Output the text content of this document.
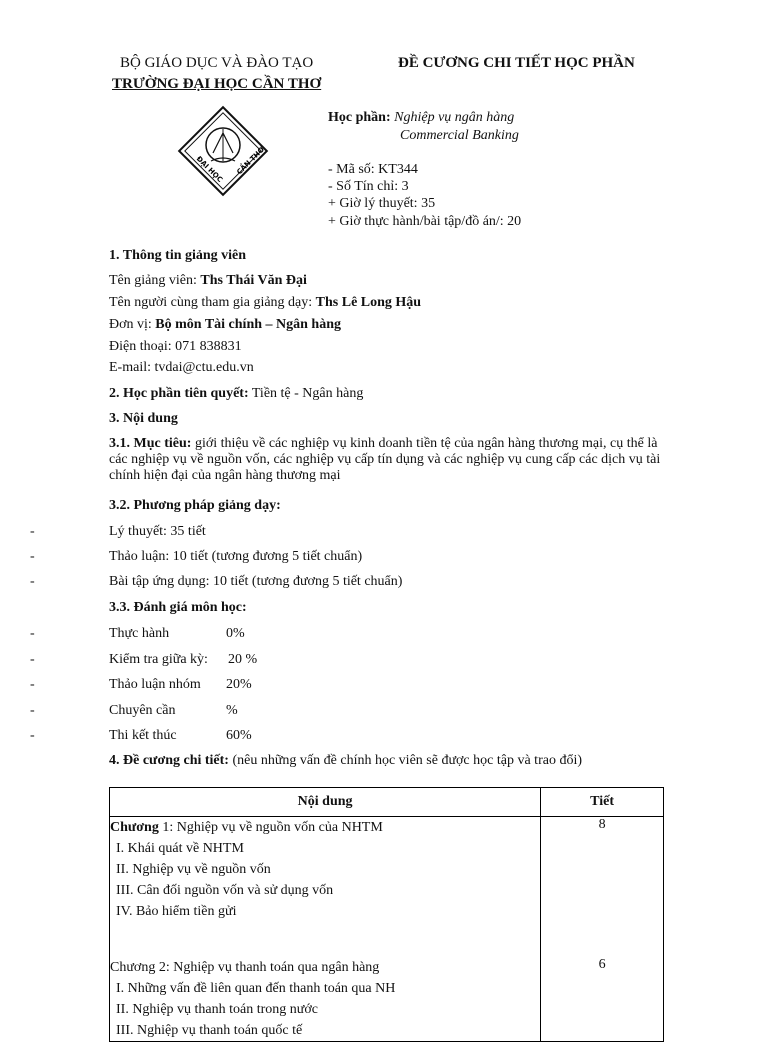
BỘ GIÁO DỤC VÀ ĐÀO TẠO
TRƯỜNG ĐẠI HỌC CẦN THƠ
ĐỀ CƯƠNG CHI TIẾT HỌC PHẦN
ĐẠI HỌC CẦN THƠ
Học phần: Nghiệp vụ ngân hàng
Commercial Banking
- Mã số: KT344
- Số Tín chỉ: 3
+ Giờ lý thuyết: 35
+ Giờ thực hành/bài tập/đồ án/: 20
1. Thông tin giảng viên
Tên giảng viên: Ths Thái Văn Đại
Tên người cùng tham gia giảng dạy: Ths Lê Long Hậu
Đơn vị: Bộ môn Tài chính – Ngân hàng
Điện thoại: 071 838831
E-mail: tvdai@ctu.edu.vn
2. Học phần tiên quyết: Tiền tệ - Ngân hàng
3. Nội dung
3.1. Mục tiêu: giới thiệu về các nghiệp vụ kinh doanh tiền tệ của ngân hàng thương mại, cụ thể là các nghiệp vụ về nguồn vốn, các nghiệp vụ cấp tín dụng và các nghiệp vụ cung cấp các dịch vụ tài chính hiện đại của ngân hàng thương mại
3.2. Phương pháp giảng dạy:
-	Lý thuyết: 35 tiết
-	Thảo luận: 10 tiết (tương đương 5 tiết chuẩn)
-	Bài tập ứng dụng: 10 tiết (tương đương 5 tiết chuẩn)
3.3. Đánh giá môn học:
-	Thực hành	0%
-	Kiểm tra giữa kỳ: 20 %
-	Thảo luận nhóm 20%
-	Chuyên cần	%
-	Thi kết thúc	60%
4. Đề cương chi tiết: (nêu những vấn đề chính học viên sẽ được học tập và trao đổi)
Nội dung	Tiết

Chương 1: Nghiệp vụ về nguồn vốn của NHTM
I. Khái quát về NHTM
II. Nghiệp vụ về nguồn vốn
III. Cân đối nguồn vốn và sử dụng vốn
IV. Bảo hiểm tiền gửi	8

Chương 2: Nghiệp vụ thanh toán qua ngân hàng
I. Những vấn đề liên quan đến thanh toán qua NH
II. Nghiệp vụ thanh toán trong nước
III. Nghiệp vụ thanh toán quốc tế	6
